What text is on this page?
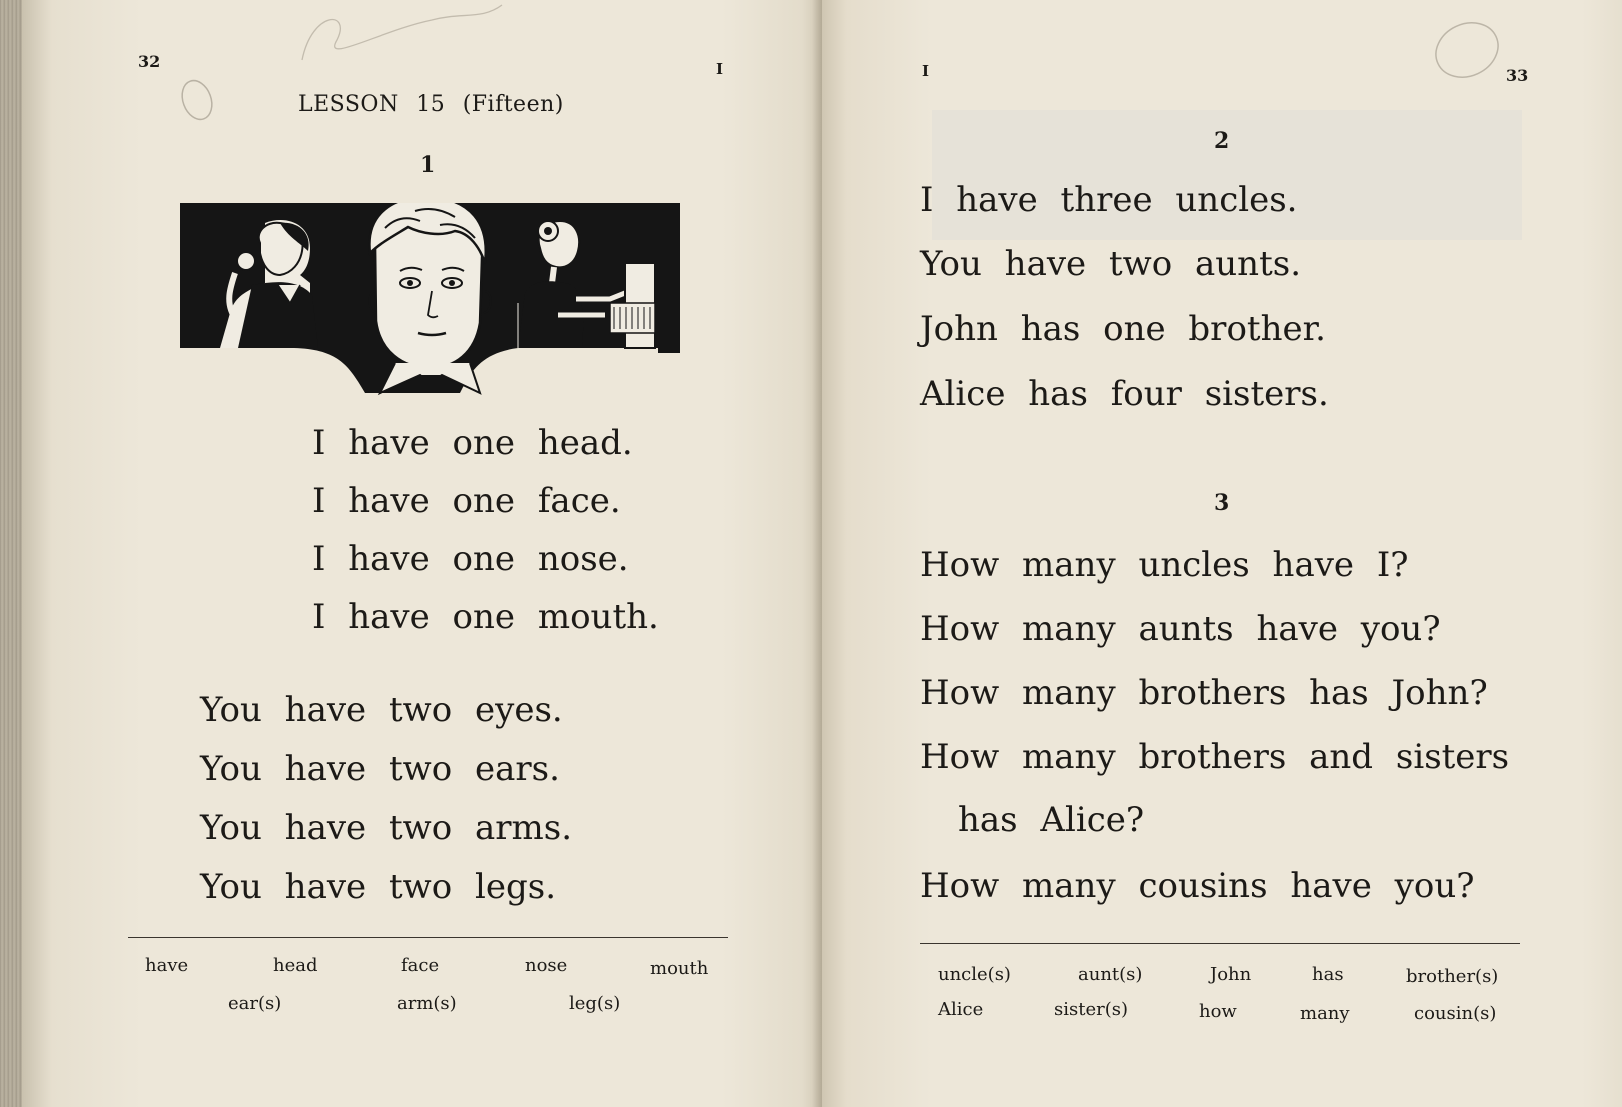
32	I
LESSON 15 (Fifteen)
1
I have one head.
I have one face.
I have one nose.
I have one mouth.
You have two eyes.
You have two ears.
You have two arms.
You have two legs.
have	head	face	nose	mouth
ear(s)	arm(s)	leg(s)
I	33
2
I have three uncles.
You have two aunts.
John has one brother.
Alice has four sisters.
3
How many uncles have I?
How many aunts have you?
How many brothers has John?
How many brothers and sisters
has Alice?
How many cousins have you?
uncle(s)	aunt(s)	John	has	brother(s)
Alice	sister(s)	how	many	cousin(s)
